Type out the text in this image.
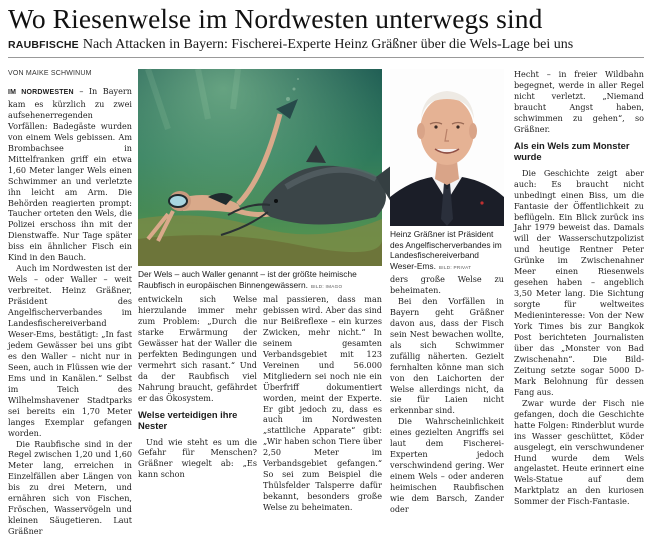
Wo Riesenwelse im Nordwesten unterwegs sind
RAUBFISCHE Nach Attacken in Bayern: Fischerei-Experte Heinz Gräßner über die Wels-Lage bei uns
VON MAIKE SCHWINUM

IM NORDWESTEN – In Bayern kam es kürzlich zu zwei aufsehenerregenden Vorfällen: Badegäste wurden von einem Wels gebissen. Am Brombachsee in Mittelfranken griff ein etwa 1,60 Meter langer Wels einen Schwimmer an und verletzte ihn leicht am Arm. Die Behörden reagierten prompt: Taucher orteten den Wels, die Polizei erschoss ihn mit der Dienstwaffe. Nur Tage später biss ein ähnlicher Fisch ein Kind in den Bauch.

Auch im Nordwesten ist der Wels – oder Waller – weit verbreitet. Heinz Gräßner, Präsident des Angelfischerverbandes im Landesfischereiverband Weser-Ems, bestätigt: „In fast jedem Gewässer bei uns gibt es den Waller – nicht nur in Seen, auch in Flüssen wie der Ems und in Kanälen.“ Selbst im Teich des Wilhelmshavener Stadtparks sei bereits ein 1,70 Meter langes Exemplar gefangen worden.

Die Raubfische sind in der Regel zwischen 1,20 und 1,60 Meter lang, erreichen in Einzelfällen aber Längen von bis zu drei Metern, und ernähren sich von Fischen, Fröschen, Wasservögeln und kleinen Säugetieren. Laut Gräßner

Der Wels – auch Waller genannt – ist der größte heimische Raubfisch in europäischen Binnengewässern. BILD: IMAGO

entwickeln sich Welse hierzulande immer mehr zum Problem: „Durch die starke Erwärmung der Gewässer hat der Waller die perfekten Bedingungen und vermehrt sich rasant.“ Und da der Raubfisch viel Nahrung braucht, gefährdet er das Ökosystem.

Welse verteidigen ihre Nester

Und wie steht es um die Gefahr für Menschen? Gräßner wiegelt ab: „Es kann schon

mal passieren, dass man gebissen wird. Aber das sind nur Beißreflexe – ein kurzes Zwicken, mehr nicht.“ In seinem gesamten Verbandsgebiet mit 123 Vereinen und 56.000 Mitgliedern sei noch nie ein Überfriff dokumentiert worden, meint der Experte. Er gibt jedoch zu, dass es auch im Nordwesten „stattliche Apparate“ gibt: „Wir haben schon Tiere über 2,50 Meter im Verbandsgebiet gefangen.“ So sei zum Beispiel die Thülsfelder Talsperre dafür bekannt, besonders große Welse zu beheimaten.

Heinz Gräßner ist Präsident des Angelfischerverbandes im Landesfischereiverband Weser-Ems. BILD: PRIVAT

ders große Welse zu beheimaten.

Bei den Vorfällen in Bayern geht Gräßner davon aus, dass der Fisch sein Nest bewachen wollte, als sich Schwimmer zufällig näherten. Gezielt fernhalten könne man sich von den Laichorten der Welse allerdings nicht, da sie für Laien nicht erkennbar sind.

Die Wahrscheinlichkeit eines gezielten Angriffs sei laut dem Fischerei-Experten jedoch verschwindend gering. Wer einem Wels – oder anderen heimischen Raubfischen wie dem Barsch, Zander oder

Hecht – in freier Wildbahn begegnet, werde in aller Regel nicht verletzt. „Niemand braucht Angst haben, schwimmen zu gehen“, so Gräßner.

Als ein Wels zum Monster wurde

Die Geschichte zeigt aber auch: Es braucht nicht unbedingt einen Biss, um die Fantasie der Öffentlichkeit zu beflügeln. Ein Blick zurück ins Jahr 1979 beweist das. Damals will der Wasserschutzpolizist und heutige Rentner Peter Grünke im Zwischenahner Meer einen Riesenwels gesehen haben – angeblich 3,50 Meter lang. Die Sichtung sorgte für weltweites Medieninteresse: Von der New York Times bis zur Bangkok Post berichteten Journalisten über das „Monster von Bad Zwischenahn“. Die Bild-Zeitung setzte sogar 5000 D-Mark Belohnung für dessen Fang aus.

Zwar wurde der Fisch nie gefangen, doch die Geschichte hatte Folgen: Rinderblut wurde ins Wasser geschüttet, Köder ausgelegt, ein verschwundener Hund wurde dem Wels angelastet. Heute erinnert eine Wels-Statue auf dem Marktplatz an den kuriosen Sommer der Fisch-Fantasie.
